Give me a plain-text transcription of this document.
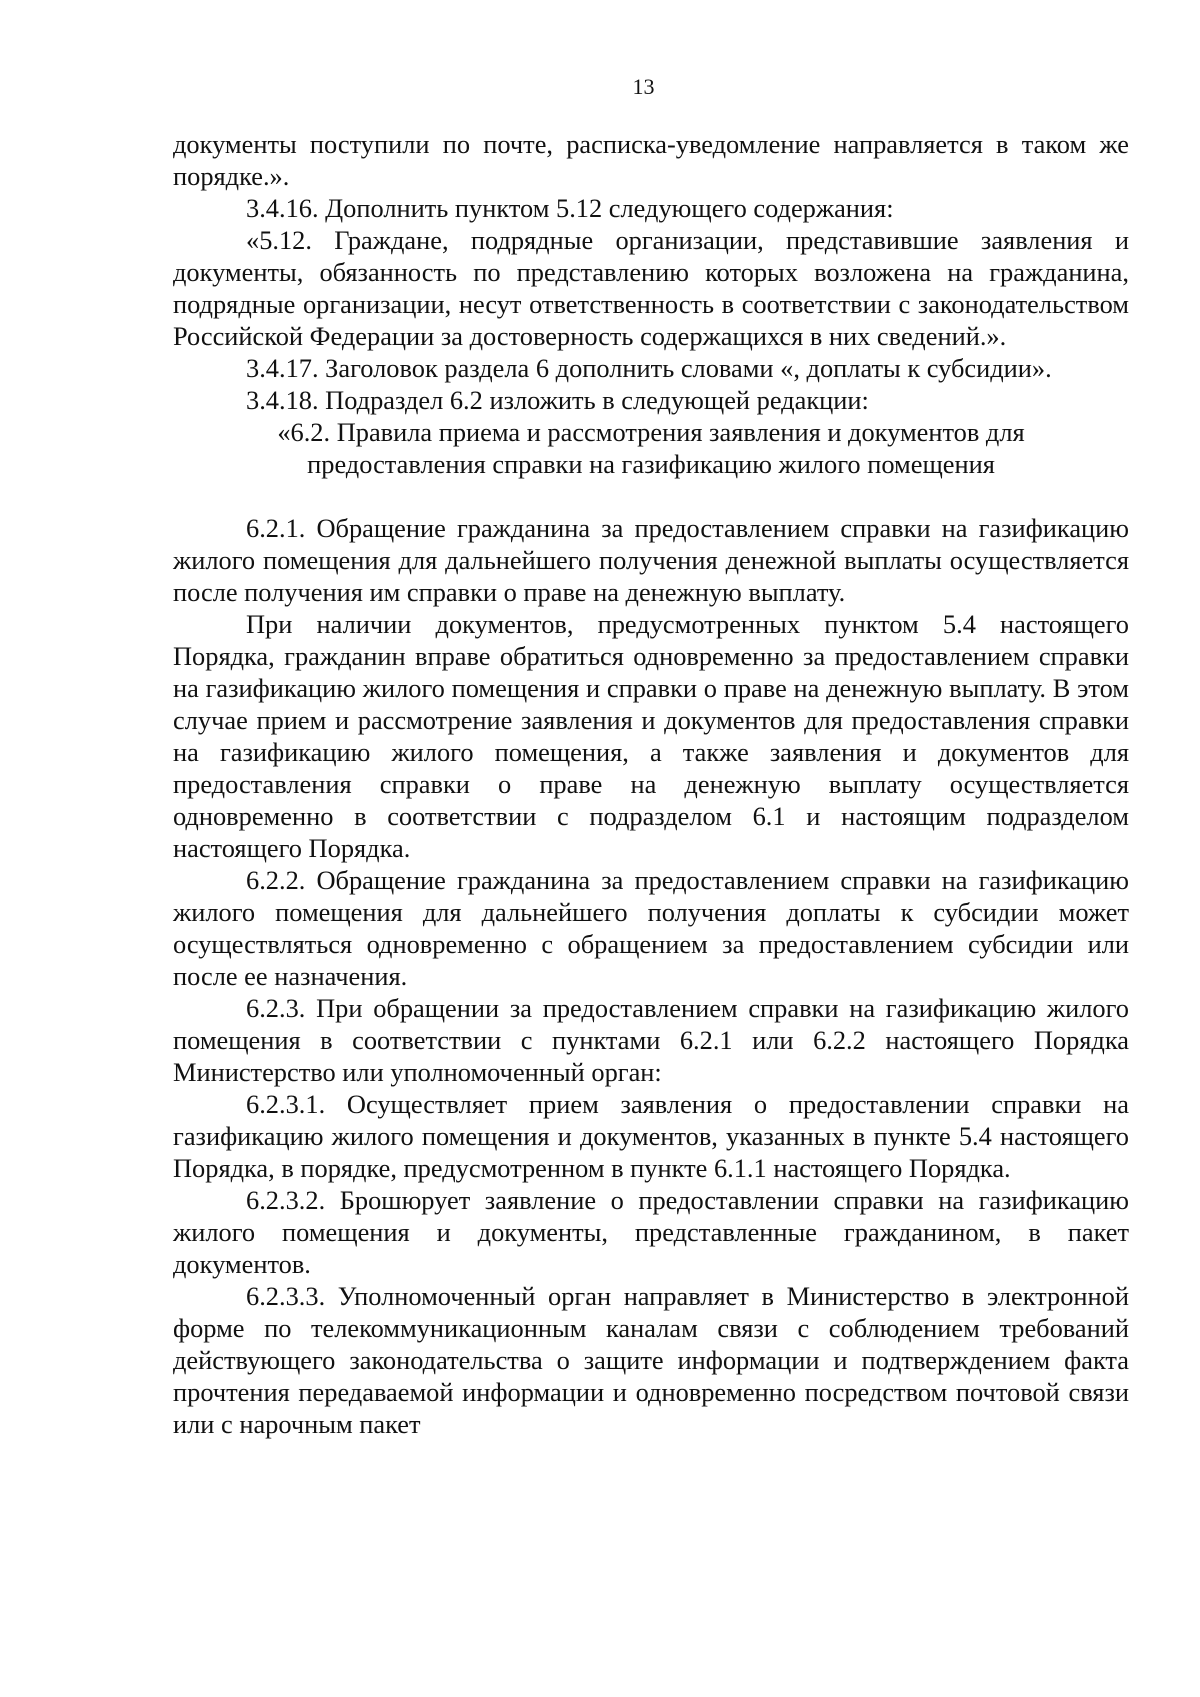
13

документы поступили по почте, расписка-уведомление направляется в таком же порядке.».

3.4.16. Дополнить пунктом 5.12 следующего содержания:

«5.12. Граждане, подрядные организации, представившие заявления и документы, обязанность по представлению которых возложена на гражданина, подрядные организации, несут ответственность в соответствии с законодательством Российской Федерации за достоверность содержащихся в них сведений.».

3.4.17. Заголовок раздела 6 дополнить словами «, доплаты к субсидии».

3.4.18. Подраздел 6.2 изложить в следующей редакции:

«6.2. Правила приема и рассмотрения заявления и документов для

предоставления справки на газификацию жилого помещения

6.2.1. Обращение гражданина за предоставлением справки на газификацию жилого помещения для дальнейшего получения денежной выплаты осуществляется после получения им справки о праве на денежную выплату.

При наличии документов, предусмотренных пунктом 5.4 настоящего Порядка, гражданин вправе обратиться одновременно за предоставлением справки на газификацию жилого помещения и справки о праве на денежную выплату. В этом случае прием и рассмотрение заявления и документов для предоставления справки на газификацию жилого помещения, а также заявления и документов для предоставления справки о праве на денежную выплату осуществляется одновременно в соответствии с подразделом 6.1 и настоящим подразделом настоящего Порядка.

6.2.2. Обращение гражданина за предоставлением справки на газификацию жилого помещения для дальнейшего получения доплаты к субсидии может осуществляться одновременно с обращением за предоставлением субсидии или после ее назначения.

6.2.3. При обращении за предоставлением справки на газификацию жилого помещения в соответствии с пунктами 6.2.1 или 6.2.2 настоящего Порядка Министерство или уполномоченный орган:

6.2.3.1. Осуществляет прием заявления о предоставлении справки на газификацию жилого помещения и документов, указанных в пункте 5.4 настоящего Порядка, в порядке, предусмотренном в пункте 6.1.1 настоящего Порядка.

6.2.3.2. Брошюрует заявление о предоставлении справки на газификацию жилого помещения и документы, представленные гражданином, в пакет документов.

6.2.3.3. Уполномоченный орган направляет в Министерство в электронной форме по телекоммуникационным каналам связи с соблюдением требований действующего законодательства о защите информации и подтверждением факта прочтения передаваемой информации и одновременно посредством почтовой связи или с нарочным пакет
